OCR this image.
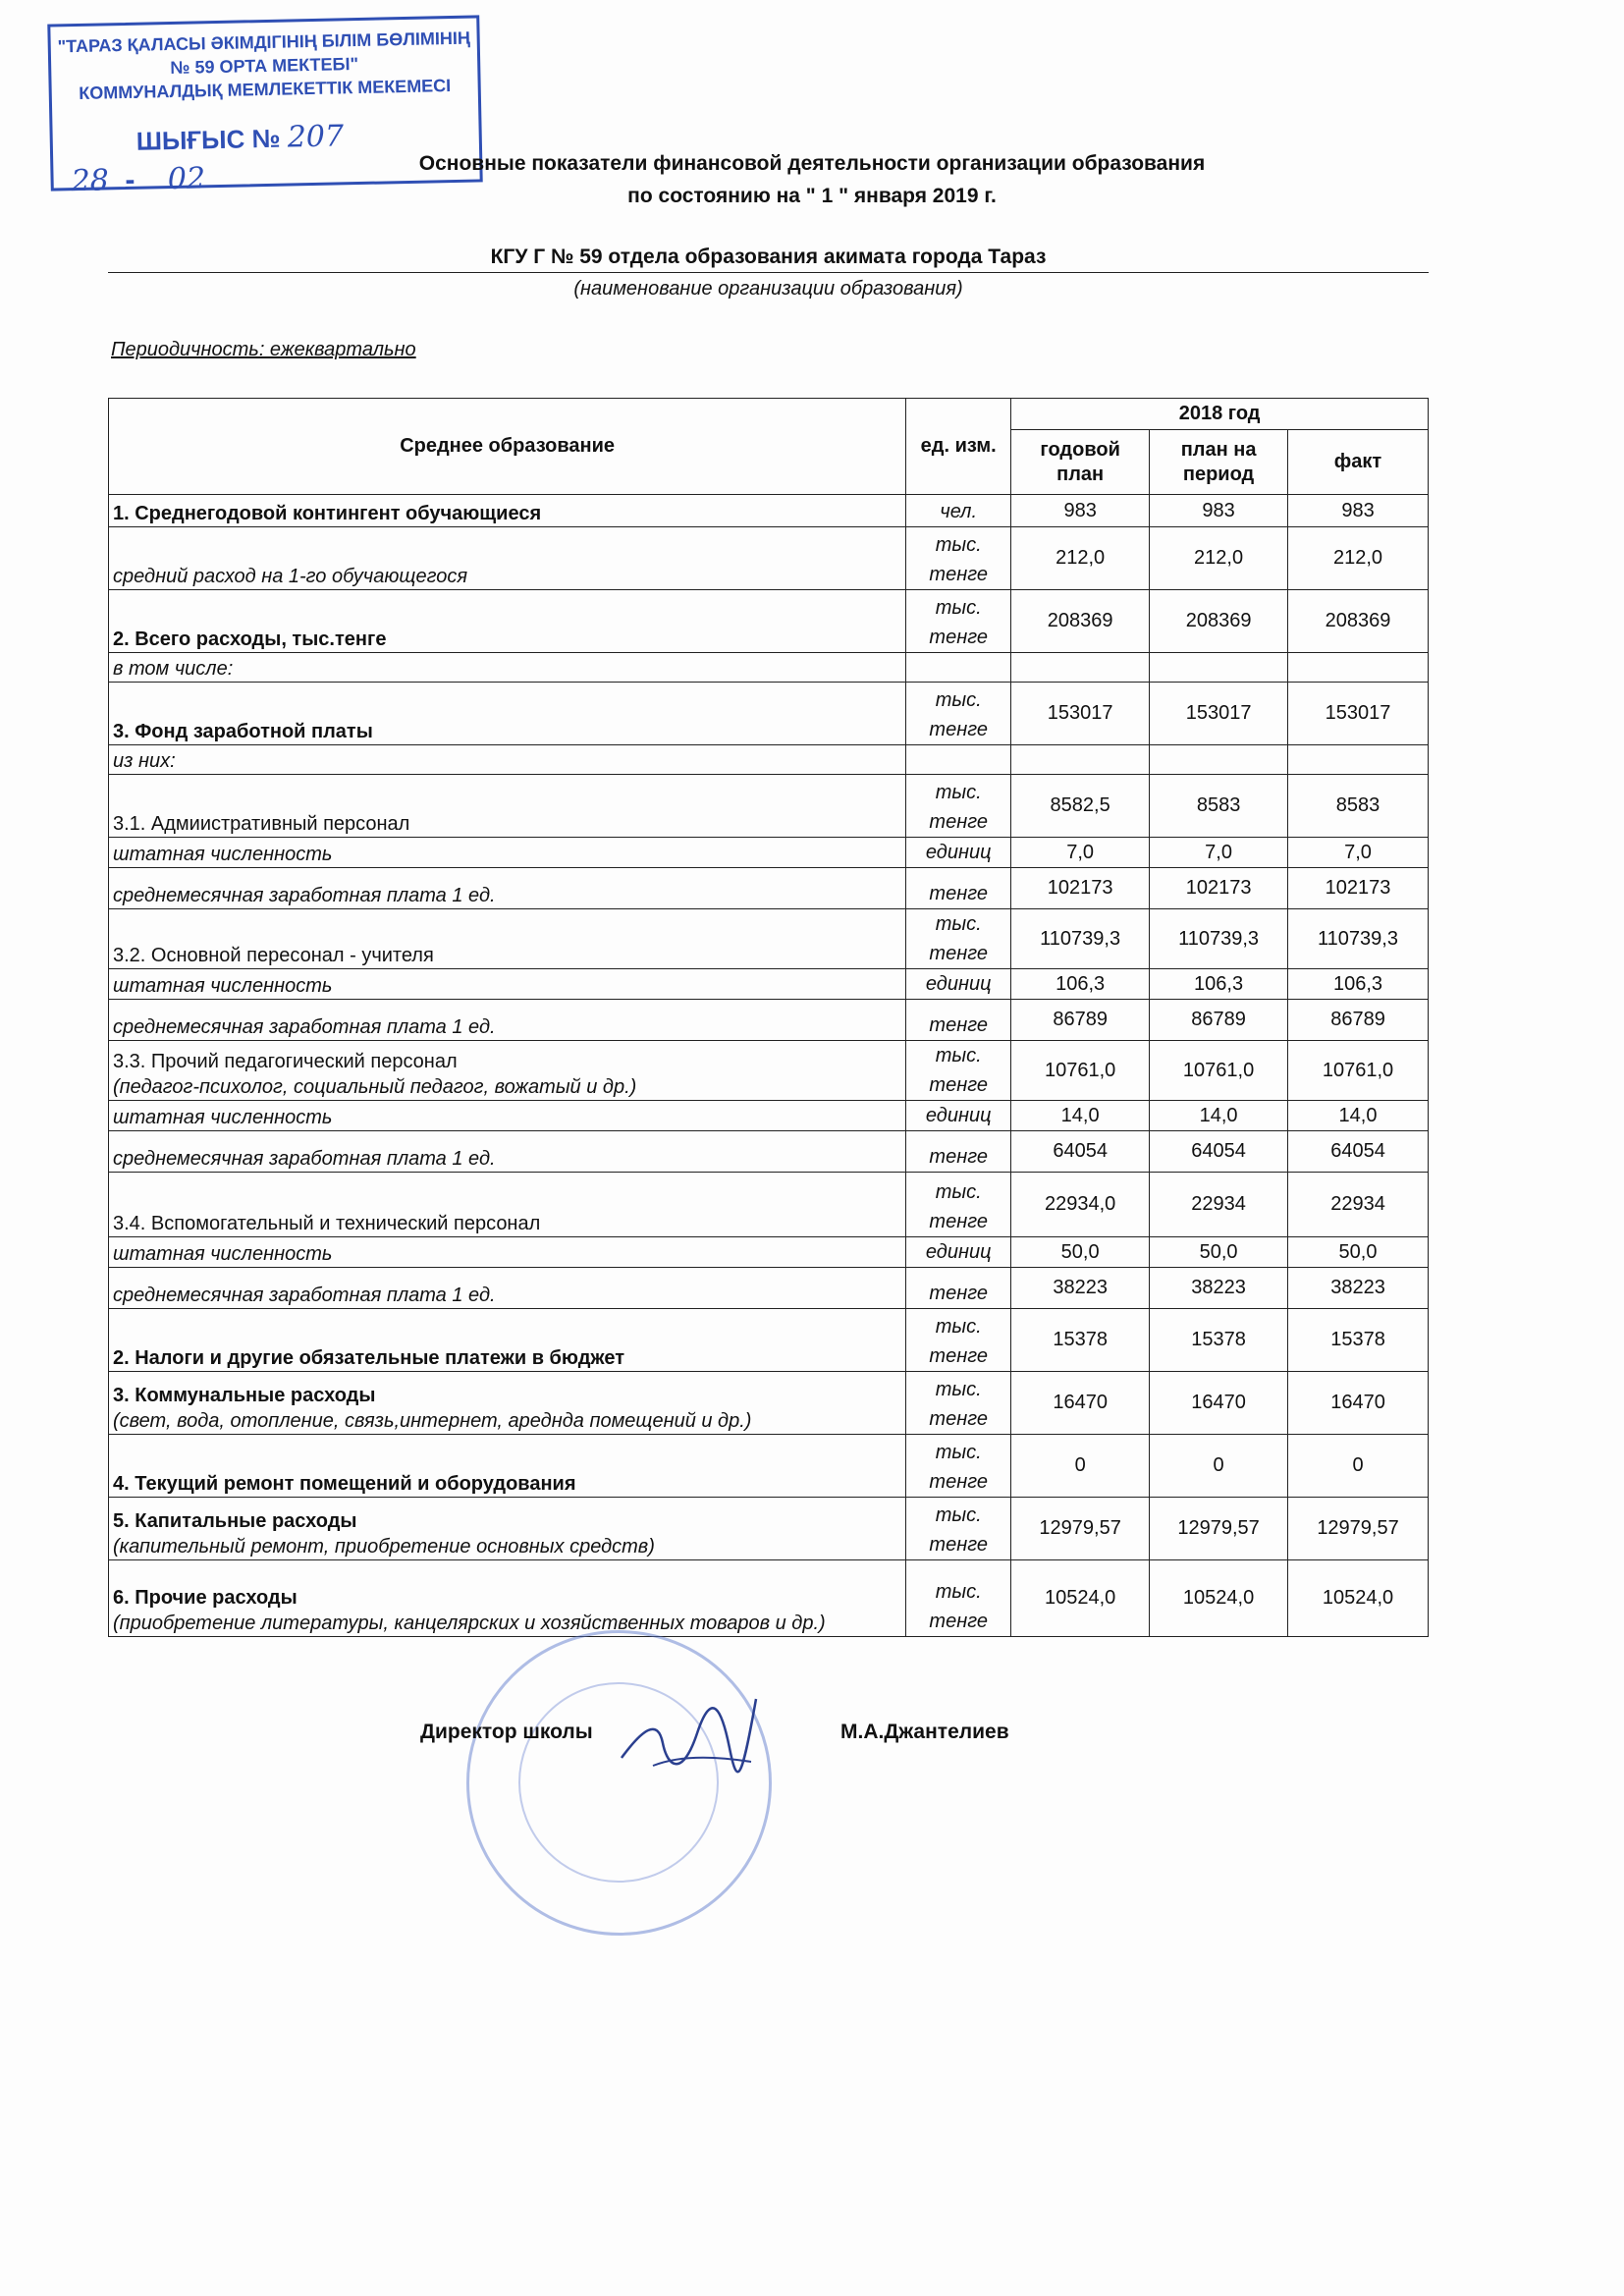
"ТАРАЗ ҚАЛАСЫ ӘКІМДІГІНІҢ БІЛІМ БӨЛІМІНІҢ
№ 59 ОРТА МЕКТЕБІ"
КОММУНАЛДЫҚ МЕМЛЕКЕТТІК МЕКЕМЕСІ
ШЫҒЫС № 207
28  -    02	Основные показатели финансовой деятельности организации образования
по состоянию на " 1 " января 2019 г.
КГУ Г № 59 отдела образования акимата города Тараз
(наименование организации образования)
Периодичность: ежеквартально
Среднее образование	ед. изм.	2018 год		
		годовой план	план на период	факт
1. Среднегодовой контингент обучающиеся	чел.	983	983	983
средний расход на 1-го обучающегося	тыс. тенге	212,0	212,0	212,0
2. Всего расходы, тыс.тенге	тыс. тенге	208369	208369	208369
в том числе:				
3. Фонд заработной платы	тыс. тенге	153017	153017	153017
из них:				
3.1. Адмиистративный персонал	тыс. тенге	8582,5	8583	8583
штатная численность	единиц	7,0	7,0	7,0
среднемесячная заработная плата 1 ед.	тенге	102173	102173	102173
3.2. Основной пересонал - учителя	тыс. тенге	110739,3	110739,3	110739,3
штатная численность	единиц	106,3	106,3	106,3
среднемесячная заработная плата 1 ед.	тенге	86789	86789	86789
3.3. Прочий педагогический персонал
(педагог-психолог, социальный педагог, вожатый и др.)	тыс. тенге	10761,0	10761,0	10761,0
штатная численность	единиц	14,0	14,0	14,0
среднемесячная заработная плата 1 ед.	тенге	64054	64054	64054
3.4. Вспомогательный и технический персонал	тыс. тенге	22934,0	22934	22934
штатная численность	единиц	50,0	50,0	50,0
среднемесячная заработная плата 1 ед.	тенге	38223	38223	38223
2. Налоги и другие обязательные платежи в бюджет	тыс. тенге	15378	15378	15378
3. Коммунальные расходы
(свет, вода, отопление, связь,интернет, ареднда помещений и др.)	тыс. тенге	16470	16470	16470
4. Текущий ремонт помещений и оборудования	тыс. тенге	0	0	0
5. Капитальные расходы
(капительный ремонт, приобретение основных средств)	тыс. тенге	12979,57	12979,57	12979,57
6. Прочие расходы
(приобретение литературы, канцелярских и хозяйственных товаров и др.)	тыс. тенге	10524,0	10524,0	10524,0
Директор школы	М.А.Джантелиев
